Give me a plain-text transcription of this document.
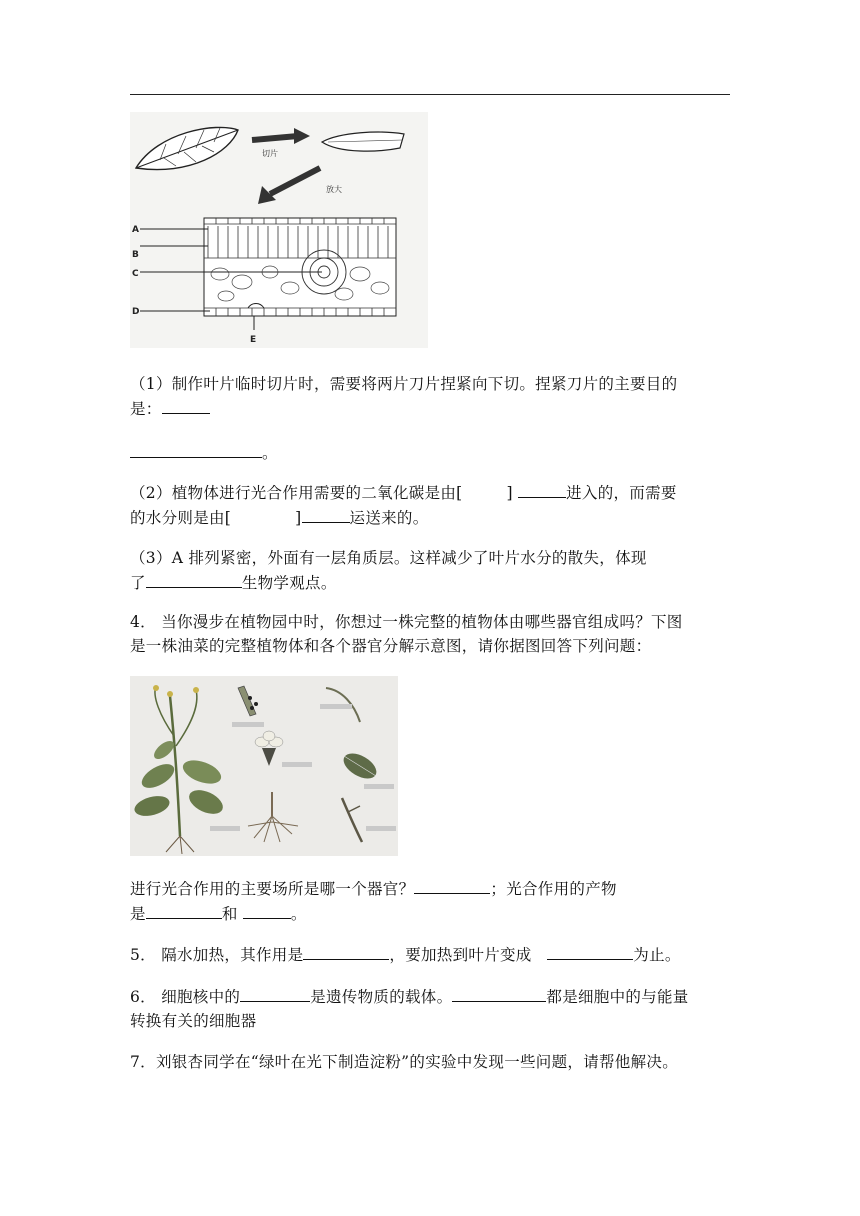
切片
放大
A
B
C
D
E
（1）制作叶片临时切片时，需要将两片刀片捏紧向下切。捏紧刀片的主要目的
是：
。
（2）植物体进行光合作用需要的二氧化碳是由[	]	进入的，而需要
的水分则是由[	]	运送来的。
（3）A 排列紧密，外面有一层角质层。这样减少了叶片水分的散失，体现
了	生物学观点。
4． 当你漫步在植物园中时，你想过一株完整的植物体由哪些器官组成吗？下图
是一株油菜的完整植物体和各个器官分解示意图，请你据图回答下列问题：
进行光合作用的主要场所是哪一个器官？	；光合作用的产物
是	和	。
5． 隔水加热，其作用是	，要加热到叶片变成	为止。
6． 细胞核中的	是遗传物质的载体。	都是细胞中的与能量
转换有关的细胞器
7．刘银杏同学在“绿叶在光下制造淀粉”的实验中发现一些问题，请帮他解决。
